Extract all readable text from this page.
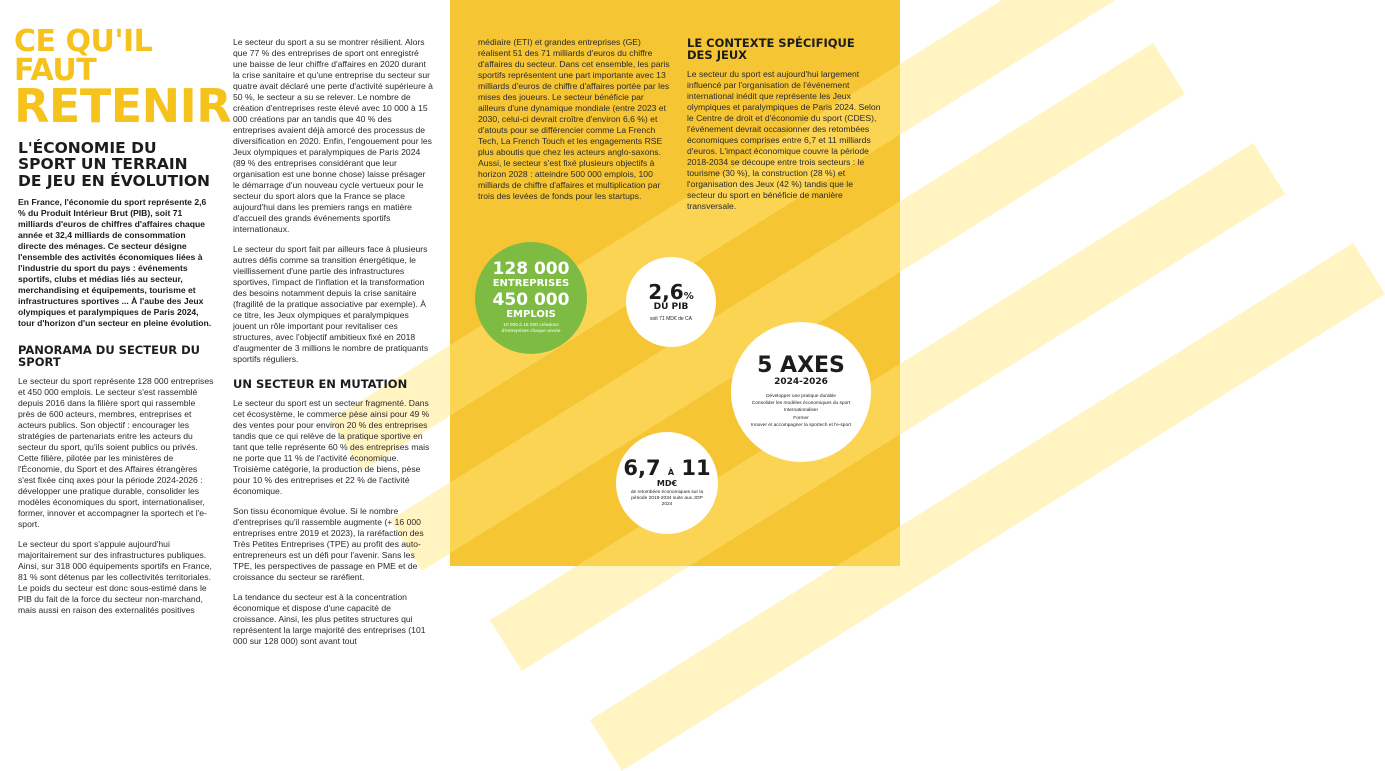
CE QU'IL FAUT
RETENIR
L'ÉCONOMIE DU SPORT UN TERRAIN DE JEU EN ÉVOLUTION

En France, l'économie du sport représente 2,6 % du Produit Intérieur Brut (PIB), soit 71 milliards d'euros de chiffres d'affaires chaque année et 32,4 milliards de consommation directe des ménages. Ce secteur désigne l'ensemble des activités économiques liées à l'industrie du sport du pays : événements sportifs, clubs et médias liés au secteur, merchandising et équipements, tourisme et infrastructures sportives ... À l'aube des Jeux olympiques et paralympiques de Paris 2024, tour d'horizon d'un secteur en pleine évolution.

PANORAMA DU SECTEUR DU SPORT

Le secteur du sport représente 128 000 entreprises et 450 000 emplois. Le secteur s'est rassemblé depuis 2016 dans la filière sport qui rassemble près de 600 acteurs, membres, entreprises et acteurs publics. Son objectif : encourager les stratégies de partenariats entre les acteurs du secteur du sport, qu'ils soient publics ou privés. Cette filière, pilotée par les ministères de l'Économie, du Sport et des Affaires étrangères s'est fixée cinq axes pour la période 2024-2026 : développer une pratique durable, consolider les modèles économiques du sport, internationaliser, former, innover et accompagner la sportech et l'e-sport.

Le secteur du sport s'appuie aujourd'hui majoritairement sur des infrastructures publiques. Ainsi, sur 318 000 équipements sportifs en France, 81 % sont détenus par les collectivités territoriales. Le poids du secteur est donc sous-estimé dans le PIB du fait de la force du secteur non-marchand, mais aussi en raison des externalités positives

Le secteur du sport a su se montrer résilient. Alors que 77 % des entreprises de sport ont enregistré une baisse de leur chiffre d'affaires en 2020 durant la crise sanitaire et qu'une entreprise du secteur sur quatre avait déclaré une perte d'activité supérieure à 50 %, le secteur a su se relever. Le nombre de création d'entreprises reste élevé avec 10 000 à 15 000 créations par an tandis que 40 % des entreprises avaient déjà amorcé des processus de diversification en 2020. Enfin, l'engouement pour les Jeux olympiques et paralympiques de Paris 2024 (89 % des entreprises considérant que leur organisation est une bonne chose) laisse présager le démarrage d'un nouveau cycle vertueux pour le secteur du sport alors que la France se place aujourd'hui dans les premiers rangs en matière d'accueil des grands événements sportifs internationaux.

Le secteur du sport fait par ailleurs face à plusieurs autres défis comme sa transition énergétique, le vieillissement d'une partie des infrastructures sportives, l'impact de l'inflation et la transformation des besoins notamment depuis la crise sanitaire (fragilité de la pratique associative par exemple). À ce titre, les Jeux olympiques et paralympiques jouent un rôle important pour revitaliser ces structures, avec l'objectif ambitieux fixé en 2018 d'augmenter de 3 millions le nombre de pratiquants sportifs réguliers.

UN SECTEUR EN MUTATION

Le secteur du sport est un secteur fragmenté. Dans cet écosystème, le commerce pèse ainsi pour 49 % des ventes pour pour environ 20 % des entreprises tandis que ce qui relève de la pratique sportive en tant que telle représente 60 % des entreprises mais ne porte que 11 % de l'activité économique. Troisième catégorie, la production de biens, pèse pour 10 % des entreprises et 22 % de l'activité économique.

Son tissu économique évolue. Si le nombre d'entreprises qu'il rassemble augmente (+ 16 000 entreprises entre 2019 et 2023), la raréfaction des Très Petites Entreprises (TPE) au profit des auto-entrepreneurs est un défi pour l'avenir. Sans les TPE, les perspectives de passage en PME et de croissance du secteur se raréfient.

La tendance du secteur est à la concentration économique et dispose d'une capacité de croissance. Ainsi, les plus petites structures qui représentent la large majorité des entreprises (101 000 sur 128 000) sont avant tout

médiaire (ETI) et grandes entreprises (GE) réalisent 51 des 71 milliards d'euros du chiffre d'affaires du secteur. Dans cet ensemble, les paris sportifs représentent une part importante avec 13 milliards d'euros de chiffre d'affaires portée par les mises des joueurs. Le secteur bénéficie par ailleurs d'une dynamique mondiale (entre 2023 et 2030, celui-ci devrait croître d'environ 6,6 %) et d'atouts pour se différencier comme La French Tech, La French Touch et les engagements RSE plus aboutis que chez les acteurs anglo-saxons. Aussi, le secteur s'est fixé plusieurs objectifs à horizon 2028 : atteindre 500 000 emplois, 100 milliards de chiffre d'affaires et multiplication par trois des levées de fonds pour les startups.

LE CONTEXTE SPÉCIFIQUE DES JEUX

Le secteur du sport est aujourd'hui largement influencé par l'organisation de l'événement international inédit que représente les Jeux olympiques et paralympiques de Paris 2024. Selon le Centre de droit et d'économie du sport (CDES), l'événement devrait occasionner des retombées économiques comprises entre 6,7 et 11 milliards d'euros. L'impact économique couvre la période 2018-2034 se découpe entre trois secteurs : le tourisme (30 %), la construction (28 %) et l'organisation des Jeux (42 %) tandis que le secteur du sport en bénéficie de manière transversale.

128 000
ENTREPRISES
450 000
EMPLOIS
10 000 à 15 000 créations d'entreprises chaque année
2,6%
DU PIB
soit 71 MD€ de CA
5 AXES
2024-2026
Développer une pratique durable
Consolider les modèles économiques du sport
Internationaliser
Former
Innover et accompagner la sportech et l'e-sport
6,7 À 11
MD€
de retombées économiques sur la période 2018-2034 suite aux JOP 2024
